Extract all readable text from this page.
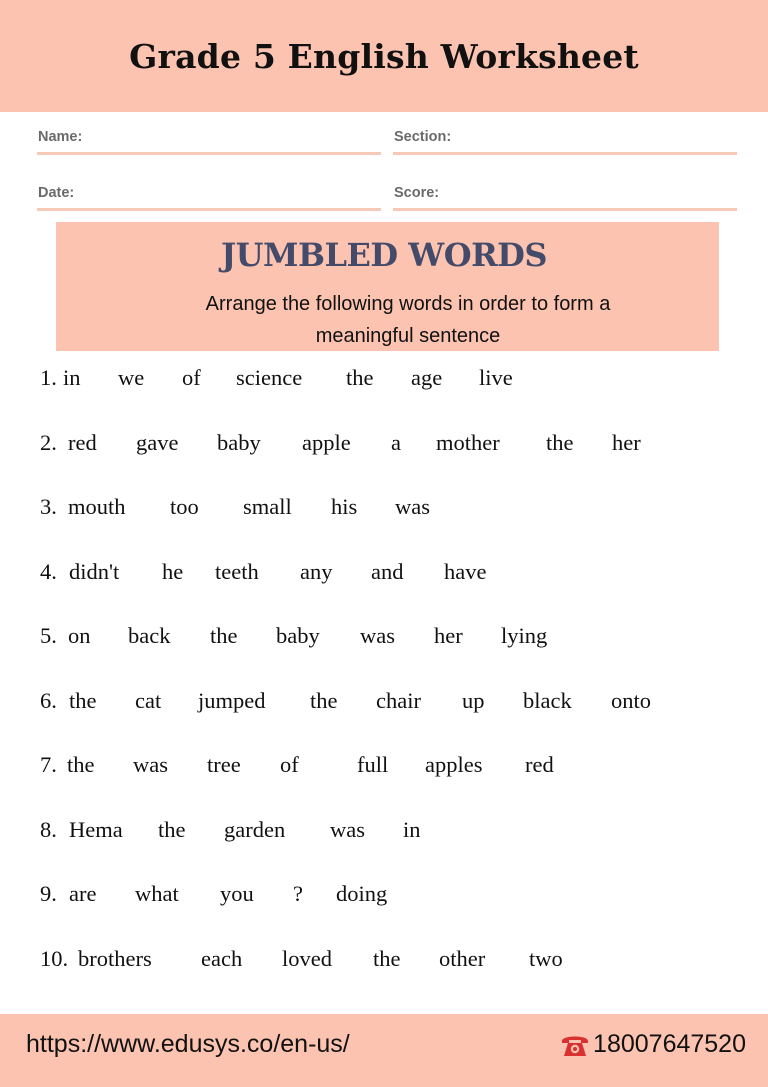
Grade 5 English Worksheet
Name:	Section:
Date:	Score:
JUMBLED WORDS

Arrange the following words in order to form a meaningful sentence

1. in we of science the age live
2. red gave baby apple a mother the her
3. mouth too small his was
4. didn't he teeth any and have
5. on back the baby was her lying
6. the cat jumped the chair up black onto
7. the was tree of	full apples red
8. Hema the garden was in
9. are what you ? doing
10. brothers each loved the other two
https://www.edusys.co/en-us/	18007647520
